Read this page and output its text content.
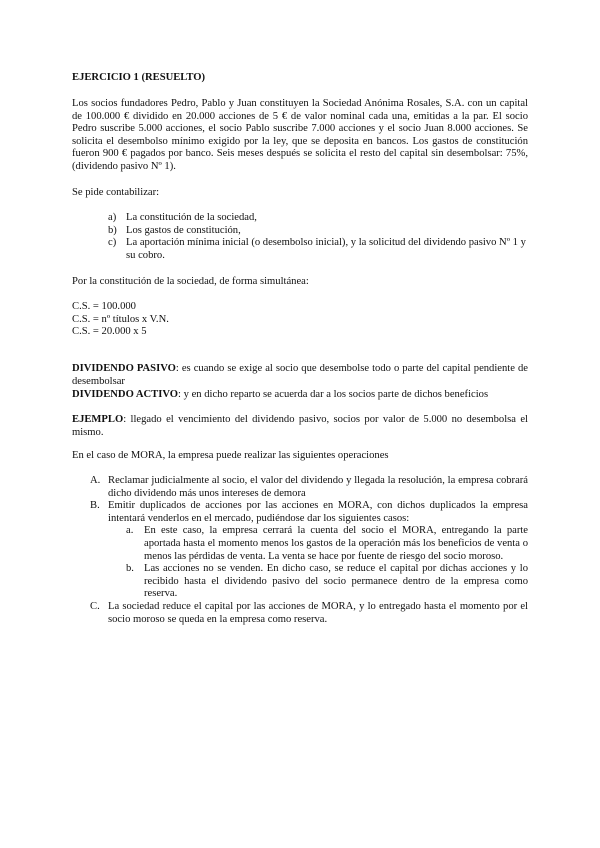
EJERCICIO 1 (RESUELTO)
Los socios fundadores Pedro, Pablo y Juan constituyen la Sociedad Anónima Rosales, S.A. con un capital de 100.000 € dividido en 20.000 acciones de 5 € de valor nominal cada una, emitidas a la par. El socio Pedro suscribe 5.000 acciones, el socio Pablo suscribe 7.000 acciones y el socio Juan 8.000 acciones. Se solicita el desembolso mínimo exigido por la ley, que se deposita en bancos. Los gastos de constitución fueron 900 € pagados por banco. Seis meses después se solicita el resto del capital sin desembolsar: 75%, (dividendo pasivo Nº 1).
Se pide contabilizar:
a) La constitución de la sociedad,
b) Los gastos de constitución,
c) La aportación mínima inicial (o desembolso inicial), y la solicitud del dividendo pasivo Nº 1 y su cobro.
Por la constitución de la sociedad, de forma simultánea:
C.S. = 100.000
C.S. = nº títulos x V.N.
C.S. = 20.000 x 5
DIVIDENDO PASIVO: es cuando se exige al socio que desembolse todo o parte del capital pendiente de desembolsar
DIVIDENDO ACTIVO: y en dicho reparto se acuerda dar a los socios parte de dichos beneficios
EJEMPLO: llegado el vencimiento del dividendo pasivo, socios por valor de 5.000 no desembolsa el mismo.
En el caso de MORA, la empresa puede realizar las siguientes operaciones
A. Reclamar judicialmente al socio, el valor del dividendo y llegada la resolución, la empresa cobrará dicho dividendo más unos intereses de demora
B. Emitir duplicados de acciones por las acciones en MORA, con dichos duplicados la empresa intentará venderlos en el mercado, pudiéndose dar los siguientes casos:
a. En este caso, la empresa cerrará la cuenta del socio el MORA, entregando la parte aportada hasta el momento menos los gastos de la operación más los beneficios de venta o menos las pérdidas de venta. La venta se hace por fuente de riesgo del socio moroso.
b. Las acciones no se venden. En dicho caso, se reduce el capital por dichas acciones y lo recibido hasta el dividendo pasivo del socio permanece dentro de la empresa como reserva.
C. La sociedad reduce el capital por las acciones de MORA, y lo entregado hasta el momento por el socio moroso se queda en la empresa como reserva.
